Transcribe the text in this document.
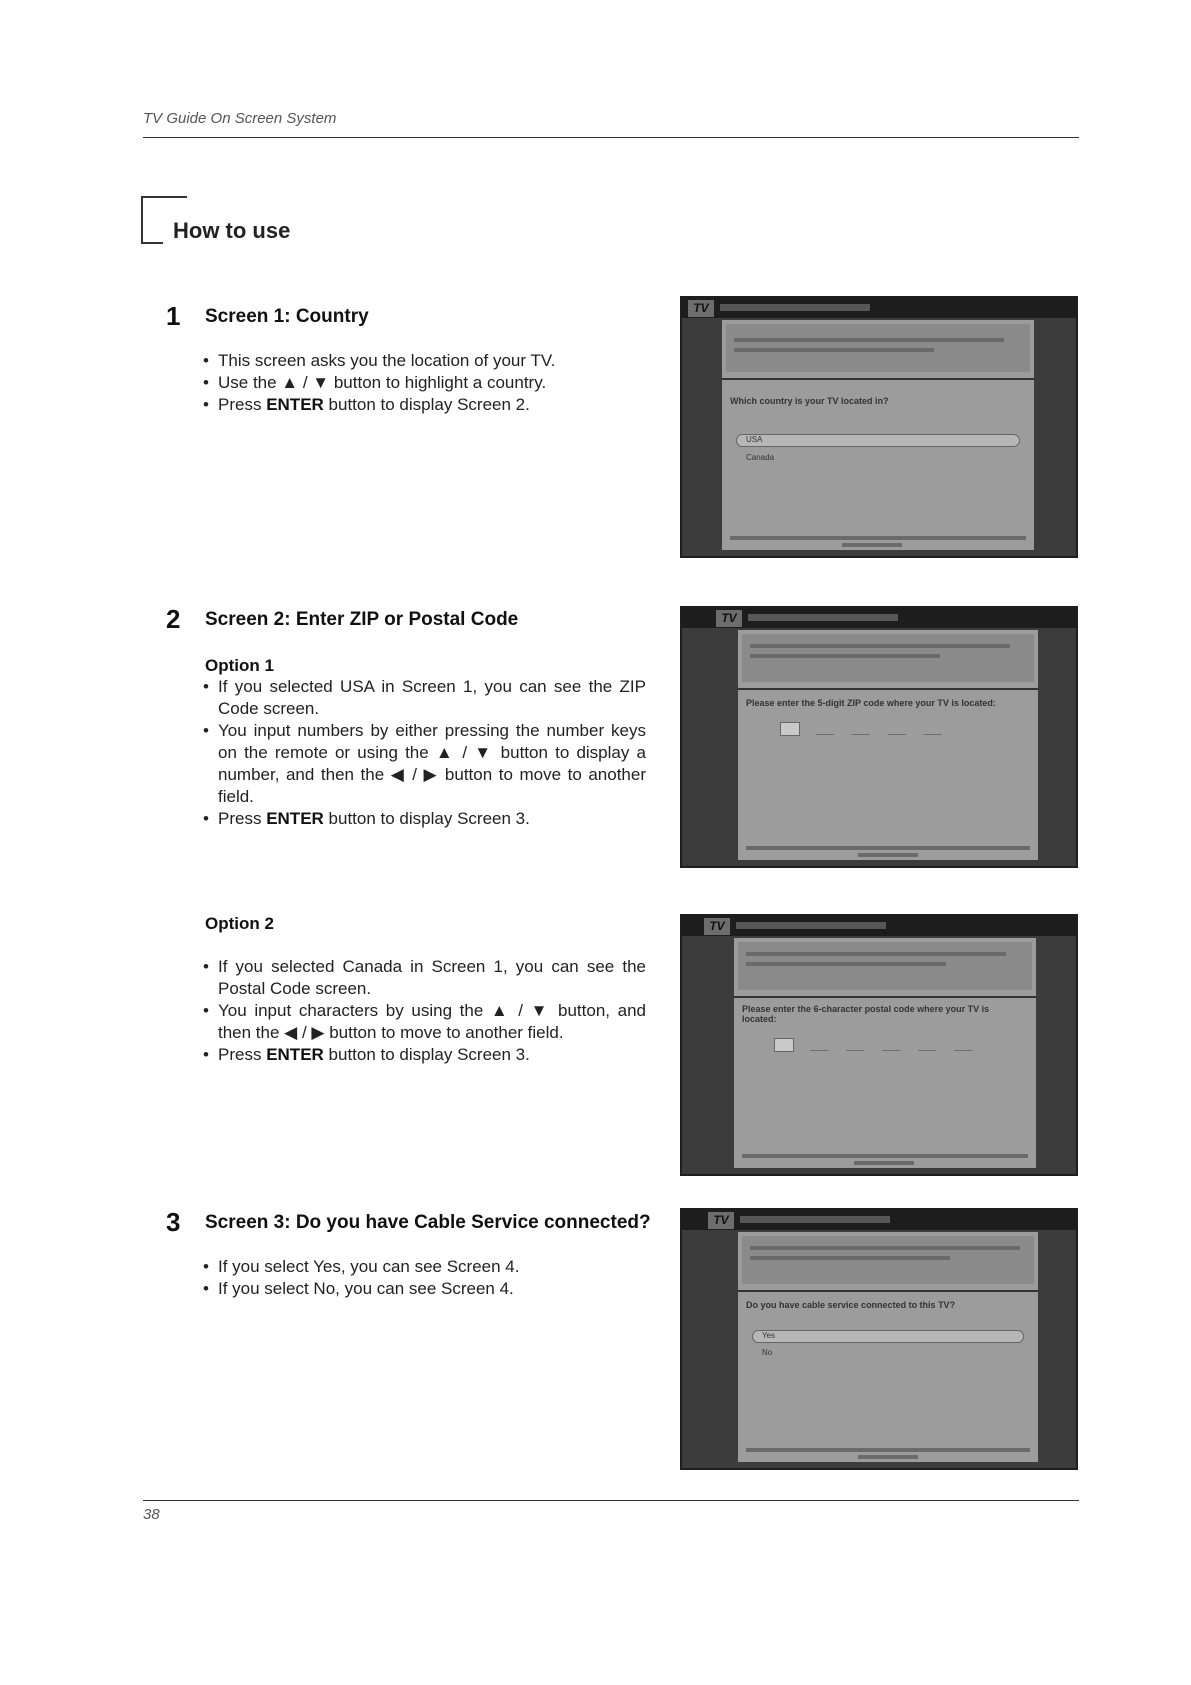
TV Guide On Screen System
How to use
1 Screen 1: Country
• This screen asks you the location of your TV.
• Use the ▲ / ▼ button to highlight a country.
• Press ENTER button to display Screen 2.
TV
Which country is your TV located in?
USA
Canada
2 Screen 2: Enter ZIP or Postal Code
Option 1
• If you selected USA in Screen 1, you can see the ZIP Code screen.
• You input numbers by either pressing the number keys on the remote or using the ▲ / ▼ button to display a number, and then the ◀ / ▶ button to move to another field.
• Press ENTER button to display Screen 3.
TV
Please enter the 5-digit ZIP code where your TV is located:
Option 2
• If you selected Canada in Screen 1, you can see the Postal Code screen.
• You input characters by using the ▲ / ▼ button, and then the ◀ / ▶ button to move to another field.
• Press ENTER button to display Screen 3.
TV
Please enter the 6-character postal code where your TV is located:
3 Screen 3: Do you have Cable Service connected?
• If you select Yes, you can see Screen 4.
• If you select No, you can see Screen 4.
TV
Do you have cable service connected to this TV?
Yes
No
38
